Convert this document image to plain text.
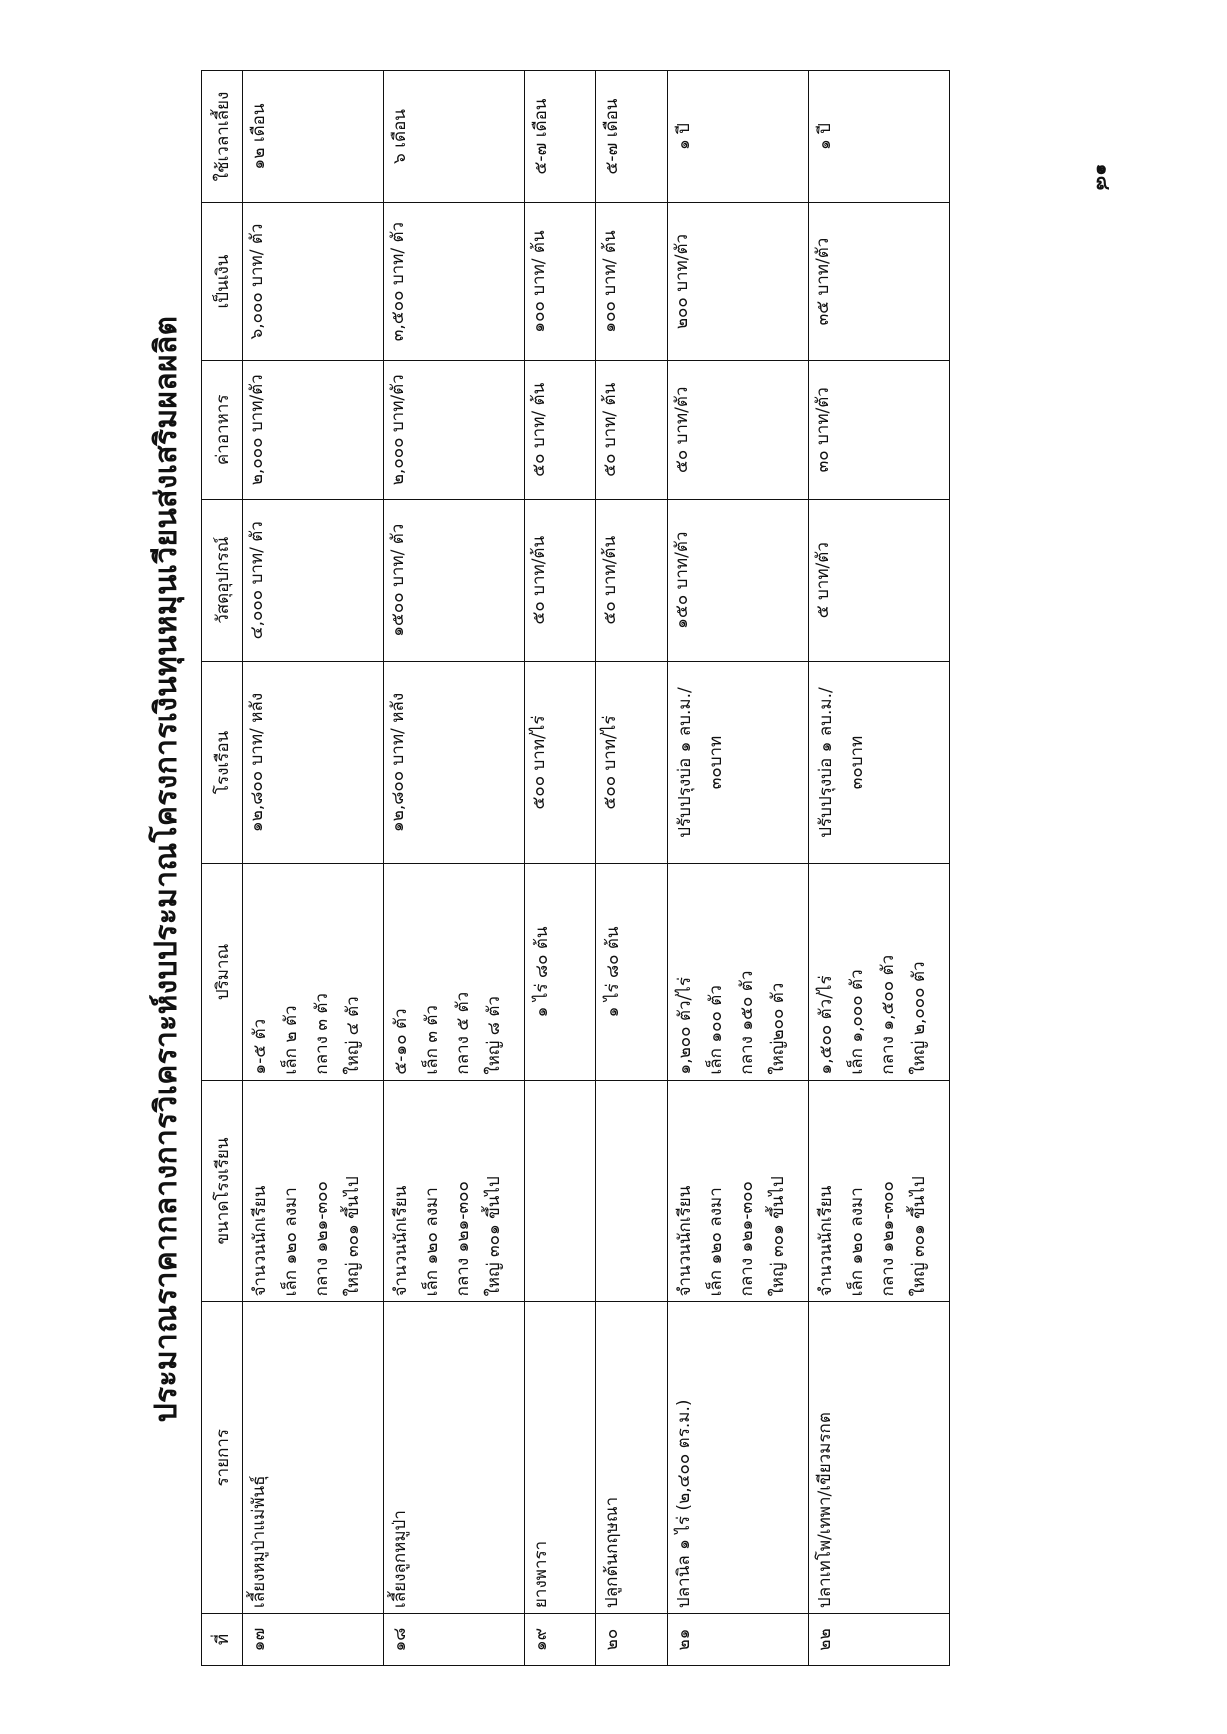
๑๘
ประมาณราคากลางการวิเคราะห์งบประมาณโครงการเงินทุนหมุนเวียนส่งเสริมผลผลิต
ที่	รายการ	ขนาดโรงเรียน	ปริมาณ	โรงเรือน	วัสดุอุปกรณ์	ค่าอาหาร	เป็นเงิน	ใช้เวลาเลี้ยง
๑๗	เลี้ยงหมูป่าแม่พันธุ์	จำนวนนักเรียน เล็ก ๑๒๐ ลงมา กลาง ๑๒๑-๓๐๐ ใหญ่ ๓๐๑ ขึ้นไป	๑-๕ ตัว เล็ก ๒ ตัว กลาง ๓ ตัว ใหญ่ ๔ ตัว	๑๒,๘๐๐ บาท/ หลัง	๔,๐๐๐ บาท/ ตัว	๒,๐๐๐ บาท/ตัว	๖,๐๐๐ บาท/ ตัว	๑๒ เดือน
๑๘	เลี้ยงลูกหมูป่า	จำนวนนักเรียน เล็ก ๑๒๐ ลงมา กลาง ๑๒๑-๓๐๐ ใหญ่ ๓๐๑ ขึ้นไป	๕-๑๐ ตัว เล็ก ๓ ตัว กลาง ๕ ตัว ใหญ่ ๘ ตัว	๑๒,๘๐๐ บาท/ หลัง	๑๕๐๐ บาท/ ตัว	๒,๐๐๐ บาท/ตัว	๓,๕๐๐ บาท/ ตัว	๖ เดือน
๑๙	ยางพารา		๑ ไร่ ๘๐ ต้น	๕๐๐ บาท/ไร่	๕๐ บาท/ต้น	๕๐ บาท/ ต้น	๑๐๐ บาท/ ต้น	๕-๗ เดือน
๒๐	ปลูกต้นกฤษณา		๑ ไร่ ๘๐ ต้น	๕๐๐ บาท/ไร่	๕๐ บาท/ต้น	๕๐ บาท/ ต้น	๑๐๐ บาท/ ต้น	๕-๗ เดือน
๒๑	ปลานิล ๑ ไร่ (๒,๔๐๐ ตร.ม.)	จำนวนนักเรียน เล็ก ๑๒๐ ลงมา กลาง ๑๒๑-๓๐๐ ใหญ่ ๓๐๑ ขึ้นไป	๑,๒๐๐ ตัว/ไร่ เล็ก ๑๐๐ ตัว กลาง ๑๕๐ ตัว ใหญ่๒๐๐ ตัว	ปรับปรุงบ่อ ๑ ลบ.ม./๓๐บาท	๑๕๐ บาท/ตัว	๕๐ บาท/ตัว	๒๐๐ บาท/ตัว	๑ ปี
๒๒	ปลาเทโพ/เทพา/เขียวมรกต	จำนวนนักเรียน เล็ก ๑๒๐ ลงมา กลาง ๑๒๑-๓๐๐ ใหญ่ ๓๐๑ ขึ้นไป	๑,๕๐๐ ตัว/ไร่ เล็ก ๑,๐๐๐ ตัว กลาง ๑,๕๐๐ ตัว ใหญ่ ๒,๐๐๐ ตัว	ปรับปรุงบ่อ ๑ ลบ.ม./๓๐บาท	๕ บาท/ตัว	๓๐ บาท/ตัว	๓๕ บาท/ตัว	๑ ปี
